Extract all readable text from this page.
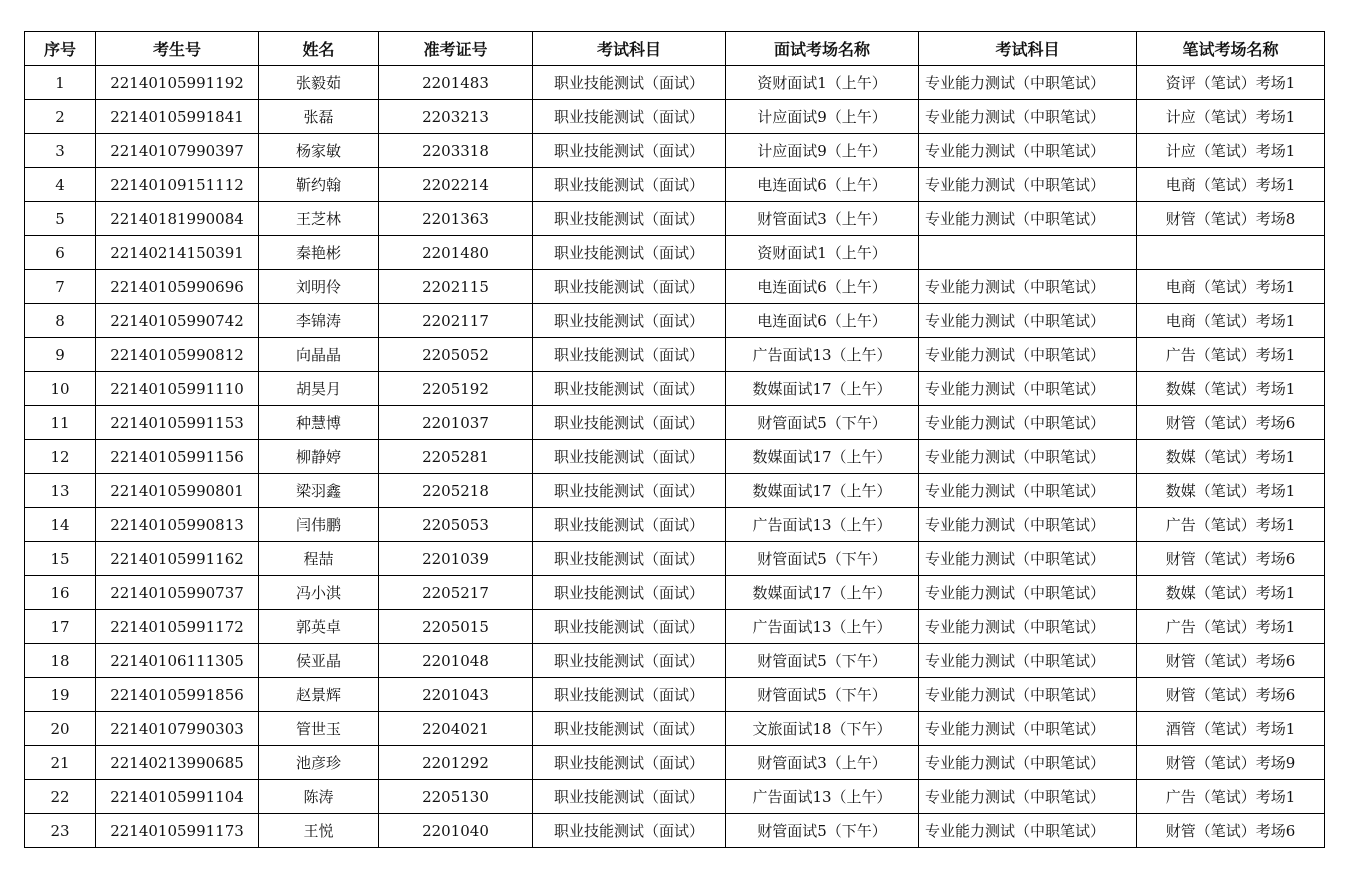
序号	考生号	姓名	准考证号	考试科目	面试考场名称	考试科目	笔试考场名称
1	22140105991192	张毅茹	2201483	职业技能测试（面试）	资财面试1（上午）	专业能力测试（中职笔试）	资评（笔试）考场1
2	22140105991841	张磊	2203213	职业技能测试（面试）	计应面试9（上午）	专业能力测试（中职笔试）	计应（笔试）考场1
3	22140107990397	杨家敏	2203318	职业技能测试（面试）	计应面试9（上午）	专业能力测试（中职笔试）	计应（笔试）考场1
4	22140109151112	靳约翰	2202214	职业技能测试（面试）	电连面试6（上午）	专业能力测试（中职笔试）	电商（笔试）考场1
5	22140181990084	王芝林	2201363	职业技能测试（面试）	财管面试3（上午）	专业能力测试（中职笔试）	财管（笔试）考场8
6	22140214150391	秦艳彬	2201480	职业技能测试（面试）	资财面试1（上午）		
7	22140105990696	刘明伶	2202115	职业技能测试（面试）	电连面试6（上午）	专业能力测试（中职笔试）	电商（笔试）考场1
8	22140105990742	李锦涛	2202117	职业技能测试（面试）	电连面试6（上午）	专业能力测试（中职笔试）	电商（笔试）考场1
9	22140105990812	向晶晶	2205052	职业技能测试（面试）	广告面试13（上午）	专业能力测试（中职笔试）	广告（笔试）考场1
10	22140105991110	胡昊月	2205192	职业技能测试（面试）	数媒面试17（上午）	专业能力测试（中职笔试）	数媒（笔试）考场1
11	22140105991153	种慧博	2201037	职业技能测试（面试）	财管面试5（下午）	专业能力测试（中职笔试）	财管（笔试）考场6
12	22140105991156	柳静婷	2205281	职业技能测试（面试）	数媒面试17（上午）	专业能力测试（中职笔试）	数媒（笔试）考场1
13	22140105990801	梁羽鑫	2205218	职业技能测试（面试）	数媒面试17（上午）	专业能力测试（中职笔试）	数媒（笔试）考场1
14	22140105990813	闫伟鹏	2205053	职业技能测试（面试）	广告面试13（上午）	专业能力测试（中职笔试）	广告（笔试）考场1
15	22140105991162	程喆	2201039	职业技能测试（面试）	财管面试5（下午）	专业能力测试（中职笔试）	财管（笔试）考场6
16	22140105990737	冯小淇	2205217	职业技能测试（面试）	数媒面试17（上午）	专业能力测试（中职笔试）	数媒（笔试）考场1
17	22140105991172	郭英卓	2205015	职业技能测试（面试）	广告面试13（上午）	专业能力测试（中职笔试）	广告（笔试）考场1
18	22140106111305	侯亚晶	2201048	职业技能测试（面试）	财管面试5（下午）	专业能力测试（中职笔试）	财管（笔试）考场6
19	22140105991856	赵景辉	2201043	职业技能测试（面试）	财管面试5（下午）	专业能力测试（中职笔试）	财管（笔试）考场6
20	22140107990303	管世玉	2204021	职业技能测试（面试）	文旅面试18（下午）	专业能力测试（中职笔试）	酒管（笔试）考场1
21	22140213990685	池彦珍	2201292	职业技能测试（面试）	财管面试3（上午）	专业能力测试（中职笔试）	财管（笔试）考场9
22	22140105991104	陈涛	2205130	职业技能测试（面试）	广告面试13（上午）	专业能力测试（中职笔试）	广告（笔试）考场1
23	22140105991173	王悦	2201040	职业技能测试（面试）	财管面试5（下午）	专业能力测试（中职笔试）	财管（笔试）考场6
